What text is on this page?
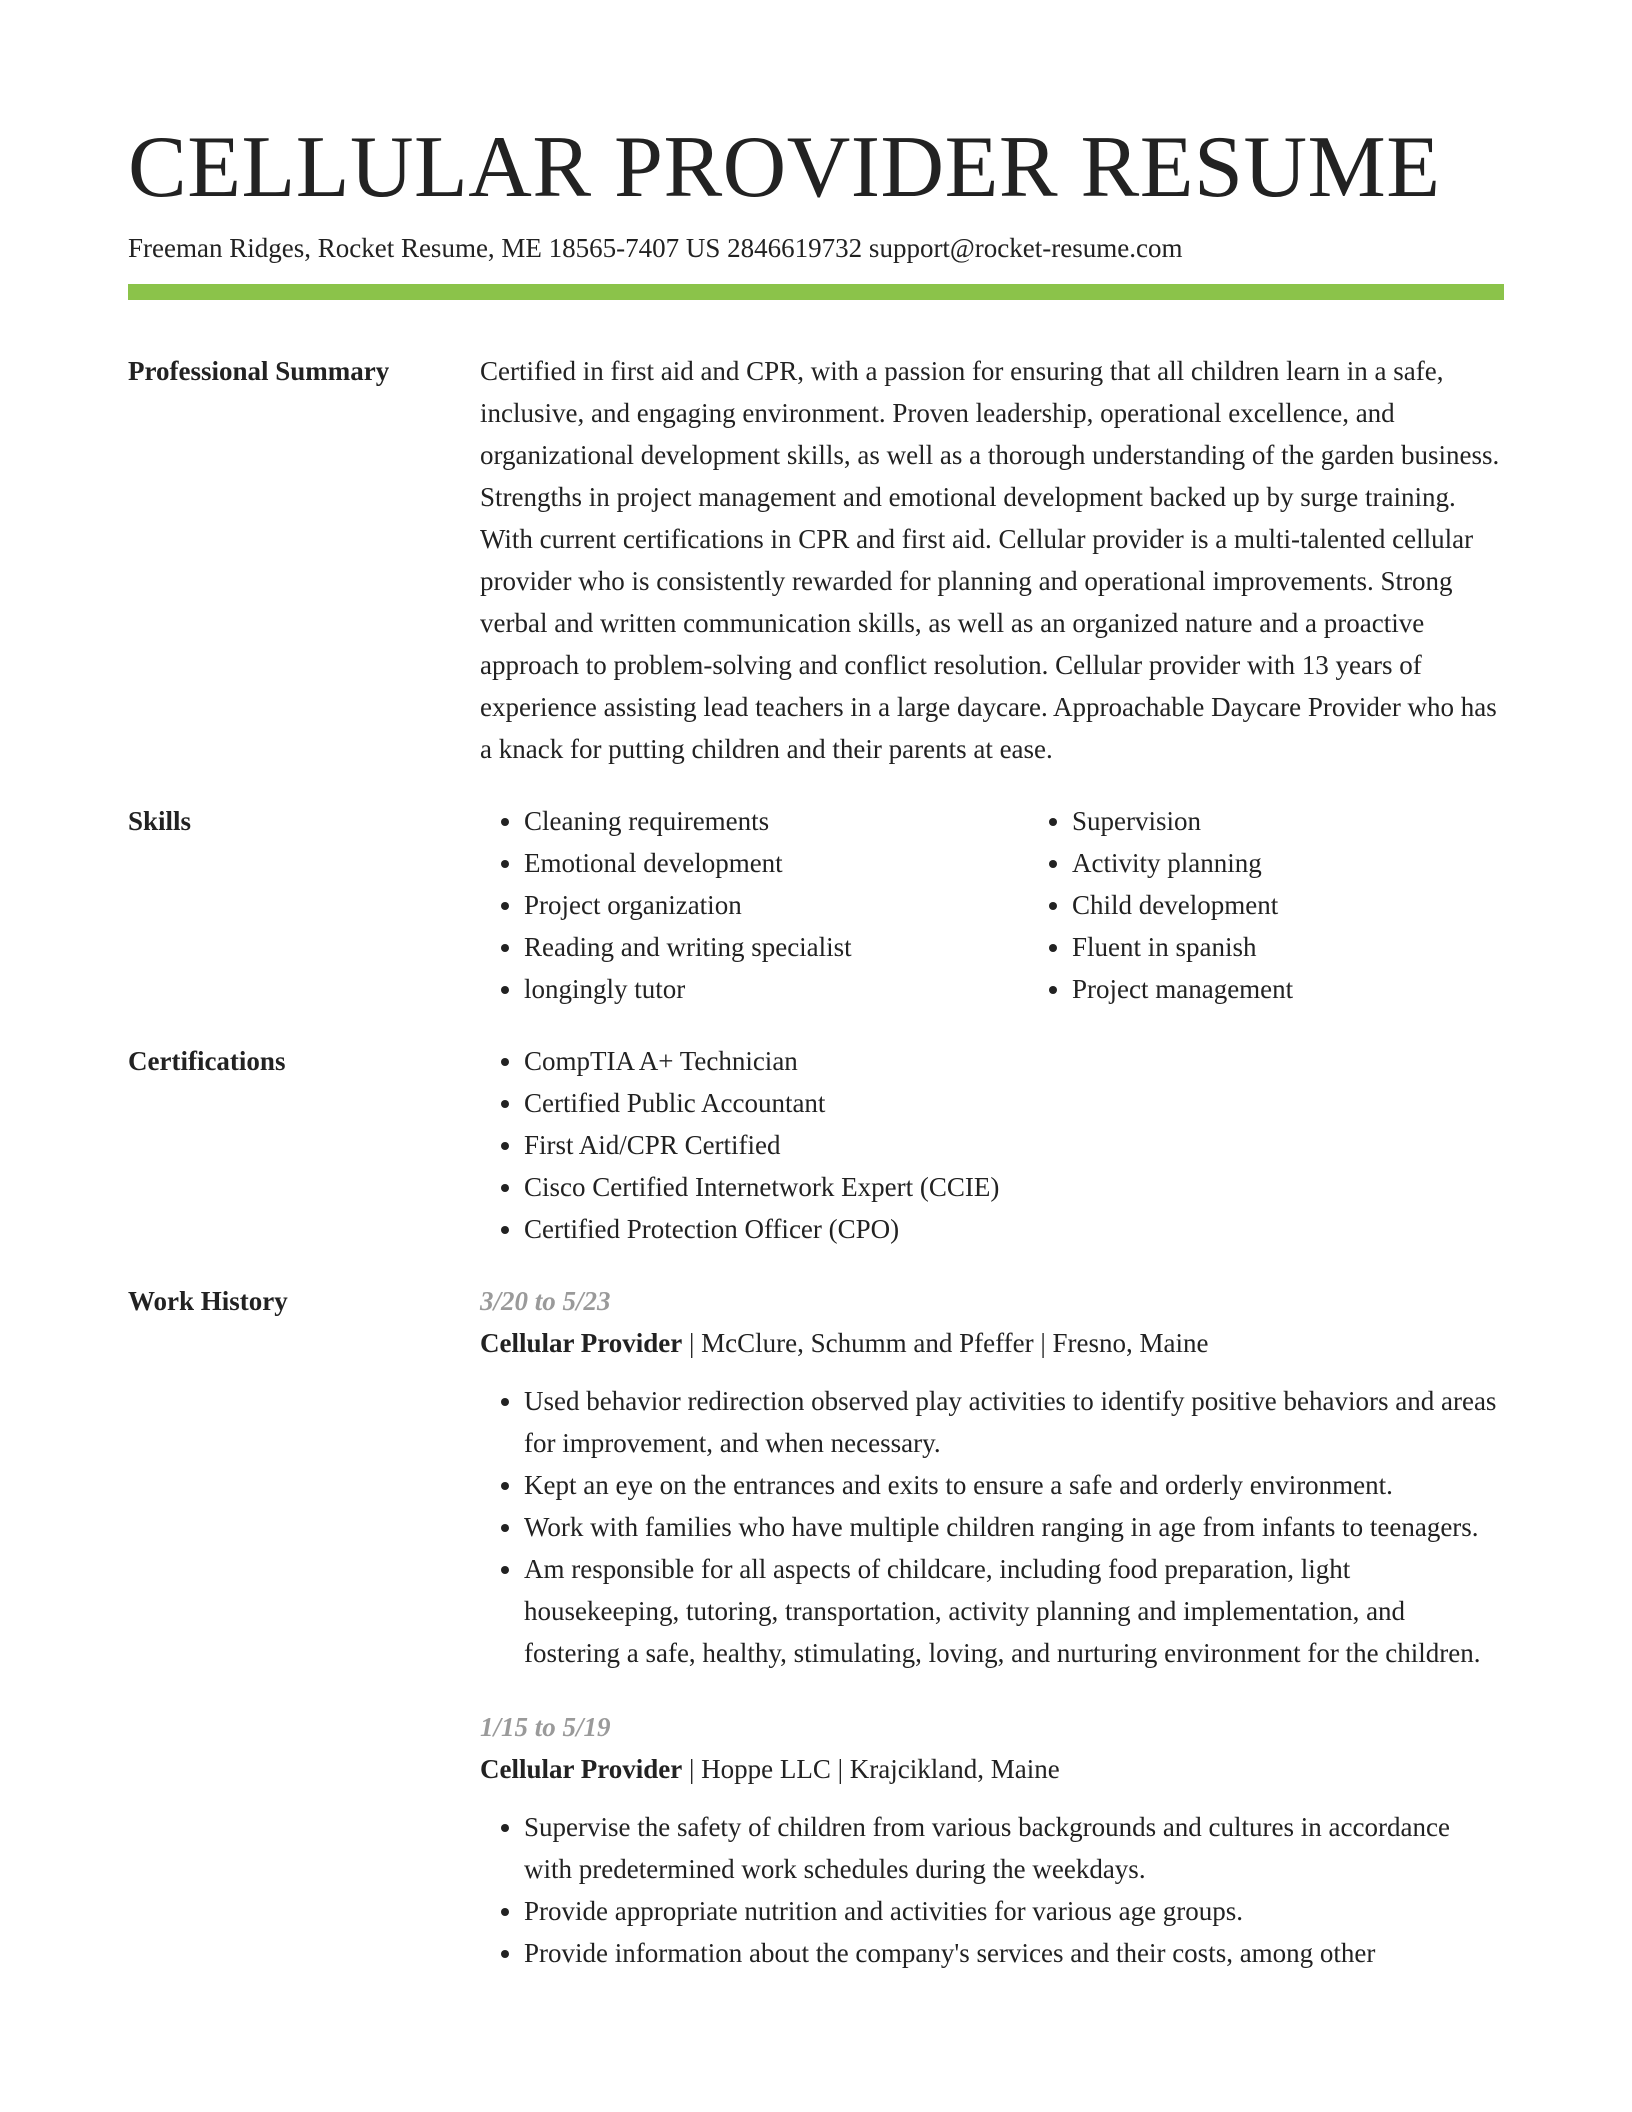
CELLULAR PROVIDER RESUME
Freeman Ridges, Rocket Resume, ME 18565-7407 US 2846619732 support@rocket-resume.com
Professional Summary	Certified in first aid and CPR, with a passion for ensuring that all children learn in a safe, inclusive, and engaging environment. Proven leadership, operational excellence, and organizational development skills, as well as a thorough understanding of the garden business. Strengths in project management and emotional development backed up by surge training. With current certifications in CPR and first aid. Cellular provider is a multi-talented cellular provider who is consistently rewarded for planning and operational improvements. Strong verbal and written communication skills, as well as an organized nature and a proactive approach to problem-solving and conflict resolution. Cellular provider with 13 years of experience assisting lead teachers in a large daycare. Approachable Daycare Provider who has a knack for putting children and their parents at ease.

Skills	• Cleaning requirements
• Emotional development
• Project organization
• Reading and writing specialist
• longingly tutor
• Supervision
• Activity planning
• Child development
• Fluent in spanish
• Project management
Certifications	• CompTIA A+ Technician
• Certified Public Accountant
• First Aid/CPR Certified
• Cisco Certified Internetwork Expert (CCIE)
• Certified Protection Officer (CPO)
Work History	3/20 to 5/23
Cellular Provider | McClure, Schumm and Pfeffer | Fresno, Maine
• Used behavior redirection observed play activities to identify positive behaviors and areas for improvement, and when necessary.
• Kept an eye on the entrances and exits to ensure a safe and orderly environment.
• Work with families who have multiple children ranging in age from infants to teenagers.
• Am responsible for all aspects of childcare, including food preparation, light housekeeping, tutoring, transportation, activity planning and implementation, and fostering a safe, healthy, stimulating, loving, and nurturing environment for the children.
1/15 to 5/19
Cellular Provider | Hoppe LLC | Krajcikland, Maine
• Supervise the safety of children from various backgrounds and cultures in accordance with predetermined work schedules during the weekdays.
• Provide appropriate nutrition and activities for various age groups.
• Provide information about the company's services and their costs, among other
